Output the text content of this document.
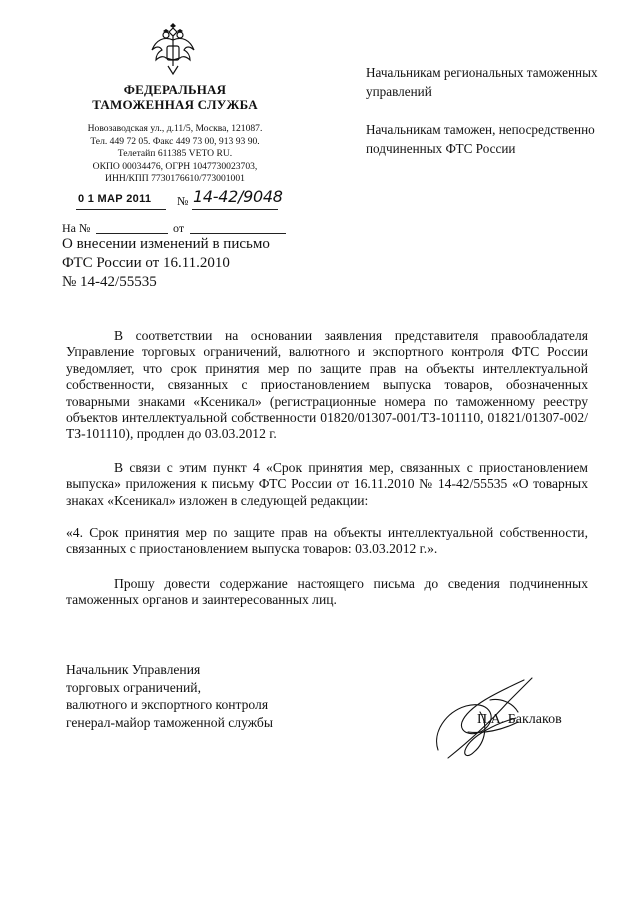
ФЕДЕРАЛЬНАЯ
ТАМОЖЕННАЯ СЛУЖБА
Новозаводская ул., д.11/5, Москва, 121087.
Тел. 449 72 05. Факс 449 73 00, 913 93 90.
Телетайп 611385 VETO RU.
ОКПО 00034476, ОГРН 1047730023703,
ИНН/КПП 7730176610/773001001
0 1 МАР 2011 № 14-42/9048
На №	от
О внесении изменений в письмо
ФТС России от 16.11.2010
№ 14-42/55535
Начальникам региональных таможенных управлений
Начальникам таможен, непосредственно подчиненных ФТС России
В соответствии на основании заявления представителя правообладателя Управление торговых ограничений, валютного и экспортного контроля ФТС России уведомляет, что срок принятия мер по защите прав на объекты интеллектуальной собственности, связанных с приостановлением выпуска товаров, обозначенных товарными знаками «Ксеникал» (регистрационные номера по таможенному реестру объектов интеллектуальной собственности 01820/01307-001/ТЗ-101110, 01821/01307-002/ТЗ-101110), продлен до 03.03.2012 г.
В связи с этим пункт 4 «Срок принятия мер, связанных с приостановлением выпуска» приложения к письму ФТС России от 16.11.2010 № 14-42/55535 «О товарных знаках «Ксеникал» изложен в следующей редакции:
«4. Срок принятия мер по защите прав на объекты интеллектуальной собственности, связанных с приостановлением выпуска товаров: 03.03.2012 г.».
Прошу довести содержание настоящего письма до сведения подчиненных таможенных органов и заинтересованных лиц.
Начальник Управления
торговых ограничений,
валютного и экспортного контроля
генерал-майор таможенной службы	П.А. Баклаков
